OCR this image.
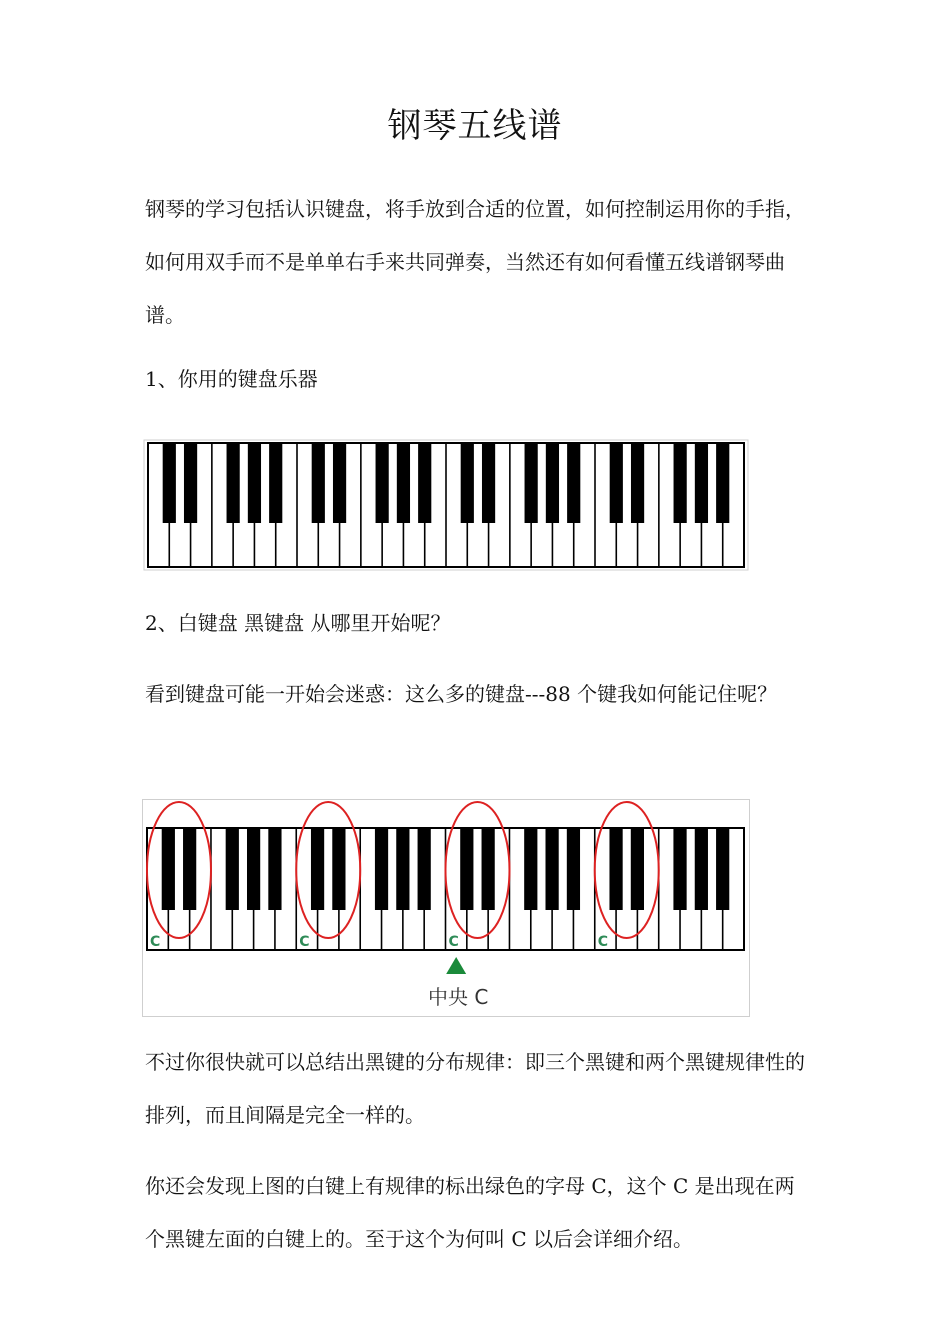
钢琴五线谱

钢琴的学习包括认识键盘，将手放到合适的位置，如何控制运用你的手指，如何用双手而不是单单右手来共同弹奏，当然还有如何看懂五线谱钢琴曲谱。

1、你用的键盘乐器

2、白键盘 黑键盘 从哪里开始呢？

看到键盘可能一开始会迷惑：这么多的键盘---88 个键我如何能记住呢？

C	C	C	C
中央 C

不过你很快就可以总结出黑键的分布规律：即三个黑键和两个黑键规律性的排列，而且间隔是完全一样的。

你还会发现上图的白键上有规律的标出绿色的字母 C，这个 C 是出现在两个黑键左面的白键上的。至于这个为何叫 C 以后会详细介绍。
